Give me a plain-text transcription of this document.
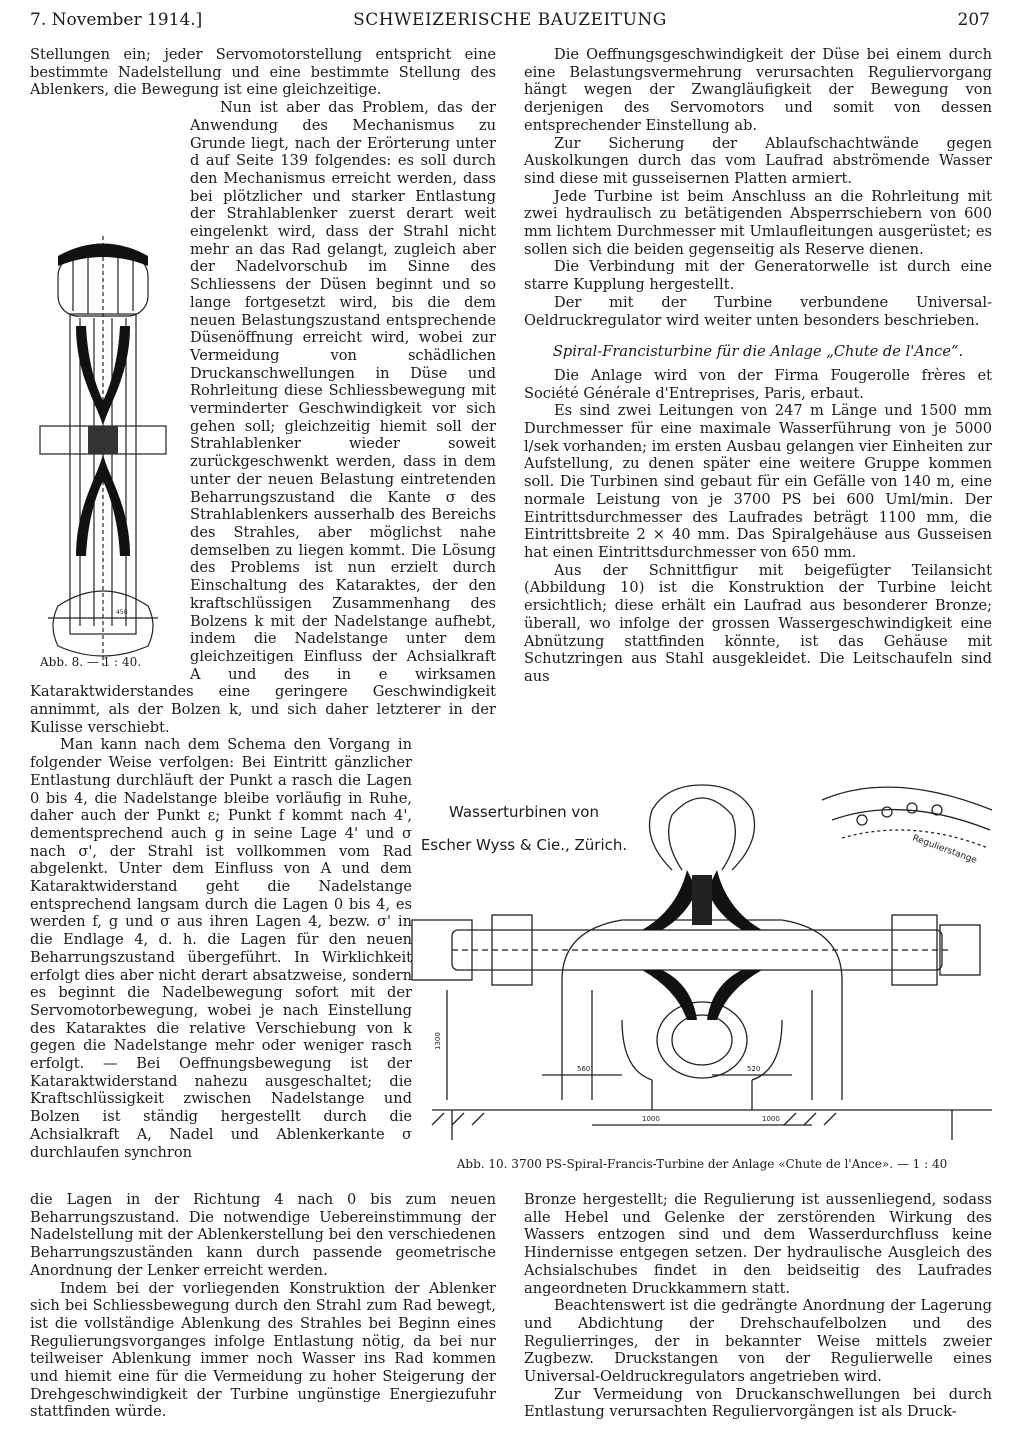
7. November 1914.]	SCHWEIZERISCHE BAUZEITUNG	207

Stellungen ein; jeder Servomotorstellung entspricht eine bestimmte Nadelstellung und eine bestimmte Stellung des Ablenkers, die Bewegung ist eine gleichzeitige.

Nun ist aber das Problem, das der Anwendung des Mechanismus zu Grunde liegt, nach der Erörterung unter d auf Seite 139 folgendes: es soll durch den Mechanismus erreicht werden, dass bei plötzlicher und starker Entlastung der Strahlablenker zuerst derart weit eingelenkt wird, dass der Strahl nicht mehr an das Rad gelangt, zugleich aber der Nadelvorschub im Sinne des Schliessens der Düsen beginnt und so lange fortgesetzt wird, bis die dem neuen Belastungszustand entsprechende Düsenöffnung erreicht wird, wobei zur Vermeidung von schädlichen Druckanschwellungen in Düse und Rohrleitung diese Schliessbewegung mit verminderter Geschwindigkeit vor sich gehen soll; gleichzeitig hiemit soll der Strahlablenker wieder soweit zurückgeschwenkt werden, dass in dem unter der neuen Belastung eintretenden Beharrungszustand die Kante σ des Strahlablenkers ausserhalb des Bereichs des Strahles, aber möglichst nahe demselben zu liegen kommt. Die Lösung des Problems ist nun erzielt durch Einschaltung des Kataraktes, der den kraftschlüssigen Zusammenhang des Bolzens k mit der Nadelstange aufhebt, indem die Nadelstange unter dem gleichzeitigen Einfluss der Achsialkraft A und des in e wirksamen Kataraktwiderstandes eine geringere Geschwindigkeit annimmt, als der Bolzen k, und sich daher letzterer in der Kulisse verschiebt.

Man kann nach dem Schema den Vorgang in folgender Weise verfolgen: Bei Eintritt gänzlicher Entlastung durchläuft der Punkt a rasch die Lagen 0 bis 4, die Nadelstange bleibe vorläufig in Ruhe, daher auch der Punkt ε; Punkt f kommt nach 4', dementsprechend auch g in seine Lage 4' und σ nach σ', der Strahl ist vollkommen vom Rad abgelenkt. Unter dem Einfluss von A und dem Kataraktwiderstand geht die Nadelstange entsprechend langsam durch die Lagen 0 bis 4, es werden f, g und σ aus ihren Lagen 4, bezw. σ' in die Endlage 4, d. h. die Lagen für den neuen Beharrungszustand übergeführt. In Wirklichkeit erfolgt dies aber nicht derart absatzweise, sondern es beginnt die Nadelbewegung sofort mit der Servomotorbewegung, wobei je nach Einstellung des Kataraktes die relative Verschiebung von k gegen die Nadelstange mehr oder weniger rasch erfolgt. — Bei Oeffnungsbewegung ist der Kataraktwiderstand nahezu ausgeschaltet; die Kraftschlüssigkeit zwischen Nadelstange und Bolzen ist ständig hergestellt durch die Achsialkraft A, Nadel und Ablenkerkante σ durchlaufen synchron

450
Abb. 8. — 1 : 40.

Die Oeffnungsgeschwindigkeit der Düse bei einem durch eine Belastungsvermehrung verursachten Reguliervorgang hängt wegen der Zwangläufigkeit der Bewegung von derjenigen des Servomotors und somit von dessen entsprechender Einstellung ab.

Zur Sicherung der Ablaufschachtwände gegen Auskolkungen durch das vom Laufrad abströmende Wasser sind diese mit gusseisernen Platten armiert.

Jede Turbine ist beim Anschluss an die Rohrleitung mit zwei hydraulisch zu betätigenden Absperrschiebern von 600 mm lichtem Durchmesser mit Umlaufleitungen ausgerüstet; es sollen sich die beiden gegenseitig als Reserve dienen.

Die Verbindung mit der Generatorwelle ist durch eine starre Kupplung hergestellt.

Der mit der Turbine verbundene Universal-Oeldruckregulator wird weiter unten besonders beschrieben.

Spiral-Francisturbine für die Anlage „Chute de l'Ance“.

Die Anlage wird von der Firma Fougerolle frères et Société Générale d'Entreprises, Paris, erbaut.

Es sind zwei Leitungen von 247 m Länge und 1500 mm Durchmesser für eine maximale Wasserführung von je 5000 l/sek vorhanden; im ersten Ausbau gelangen vier Einheiten zur Aufstellung, zu denen später eine weitere Gruppe kommen soll. Die Turbinen sind gebaut für ein Gefälle von 140 m, eine normale Leistung von je 3700 PS bei 600 Uml/min. Der Eintrittsdurchmesser des Laufrades beträgt 1100 mm, die Eintrittsbreite 2 × 40 mm. Das Spiralgehäuse aus Gusseisen hat einen Eintrittsdurchmesser von 650 mm.

Aus der Schnittfigur mit beigefügter Teilansicht (Abbildung 10) ist die Konstruktion der Turbine leicht ersichtlich; diese erhält ein Laufrad aus besonderer Bronze; überall, wo infolge der grossen Wassergeschwindigkeit eine Abnützung stattfinden könnte, ist das Gehäuse mit Schutzringen aus Stahl ausgekleidet. Die Leitschaufeln sind aus

Wasserturbinen von
Escher Wyss & Cie., Zürich.	Regulierstange
560	520
1000
1300
1000
Abb. 10. 3700 PS-Spiral-Francis-Turbine der Anlage «Chute de l'Ance». — 1 : 40

die Lagen in der Richtung 4 nach 0 bis zum neuen Beharrungszustand. Die notwendige Uebereinstimmung der Nadelstellung mit der Ablenkerstellung bei den verschiedenen Beharrungszuständen kann durch passende geometrische Anordnung der Lenker erreicht werden.

Indem bei der vorliegenden Konstruktion der Ablenker sich bei Schliessbewegung durch den Strahl zum Rad bewegt, ist die vollständige Ablenkung des Strahles bei Beginn eines Regulierungsvorganges infolge Entlastung nötig, da bei nur teilweiser Ablenkung immer noch Wasser ins Rad kommen und hiemit eine für die Vermeidung zu hoher Steigerung der Drehgeschwindigkeit der Turbine ungünstige Energiezufuhr stattfinden würde.

Bronze hergestellt; die Regulierung ist aussenliegend, sodass alle Hebel und Gelenke der zerstörenden Wirkung des Wassers entzogen sind und dem Wasserdurchfluss keine Hindernisse entgegen setzen. Der hydraulische Ausgleich des Achsialschubes findet in den beidseitig des Laufrades angeordneten Druckkammern statt.

Beachtenswert ist die gedrängte Anordnung der Lagerung und Abdichtung der Drehschaufelbolzen und des Regulierringes, der in bekannter Weise mittels zweier Zugbezw. Druckstangen von der Regulierwelle eines Universal-Oeldruckregulators angetrieben wird.

Zur Vermeidung von Druckanschwellungen bei durch Entlastung verursachten Reguliervorgängen ist als Druck-
